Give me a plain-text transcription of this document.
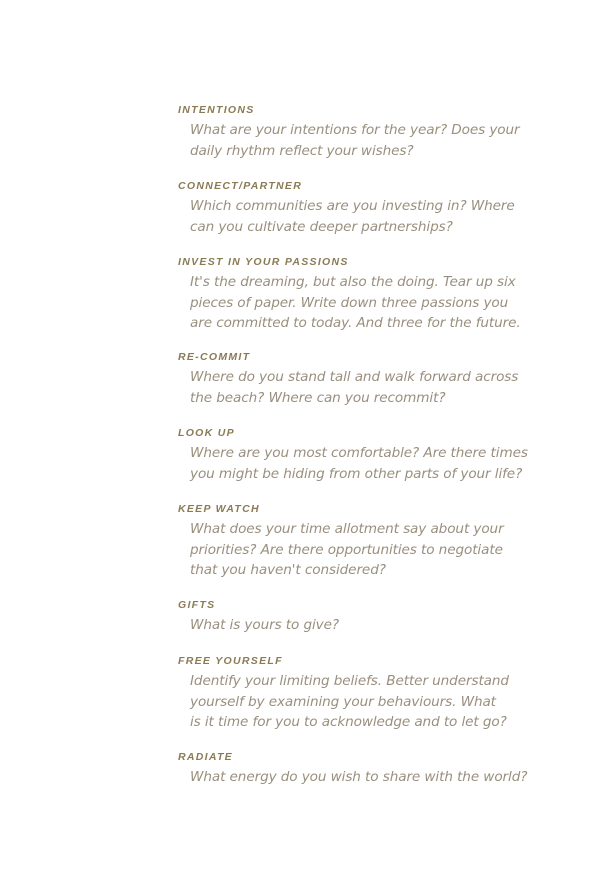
INTENTIONS

What are your intentions for the year? Does your
daily rhythm reflect your wishes?

CONNECT/PARTNER

Which communities are you investing in? Where
can you cultivate deeper partnerships?

INVEST IN YOUR PASSIONS

It's the dreaming, but also the doing. Tear up six
pieces of paper. Write down three passions you
are committed to today. And three for the future.

RE-COMMIT

Where do you stand tall and walk forward across
the beach? Where can you recommit?

LOOK UP

Where are you most comfortable? Are there times
you might be hiding from other parts of your life?

KEEP WATCH

What does your time allotment say about your
priorities? Are there opportunities to negotiate
that you haven't considered?

GIFTS

What is yours to give?

FREE YOURSELF

Identify your limiting beliefs. Better understand
yourself by examining your behaviours. What
is it time for you to acknowledge and to let go?

RADIATE

What energy do you wish to share with the world?
